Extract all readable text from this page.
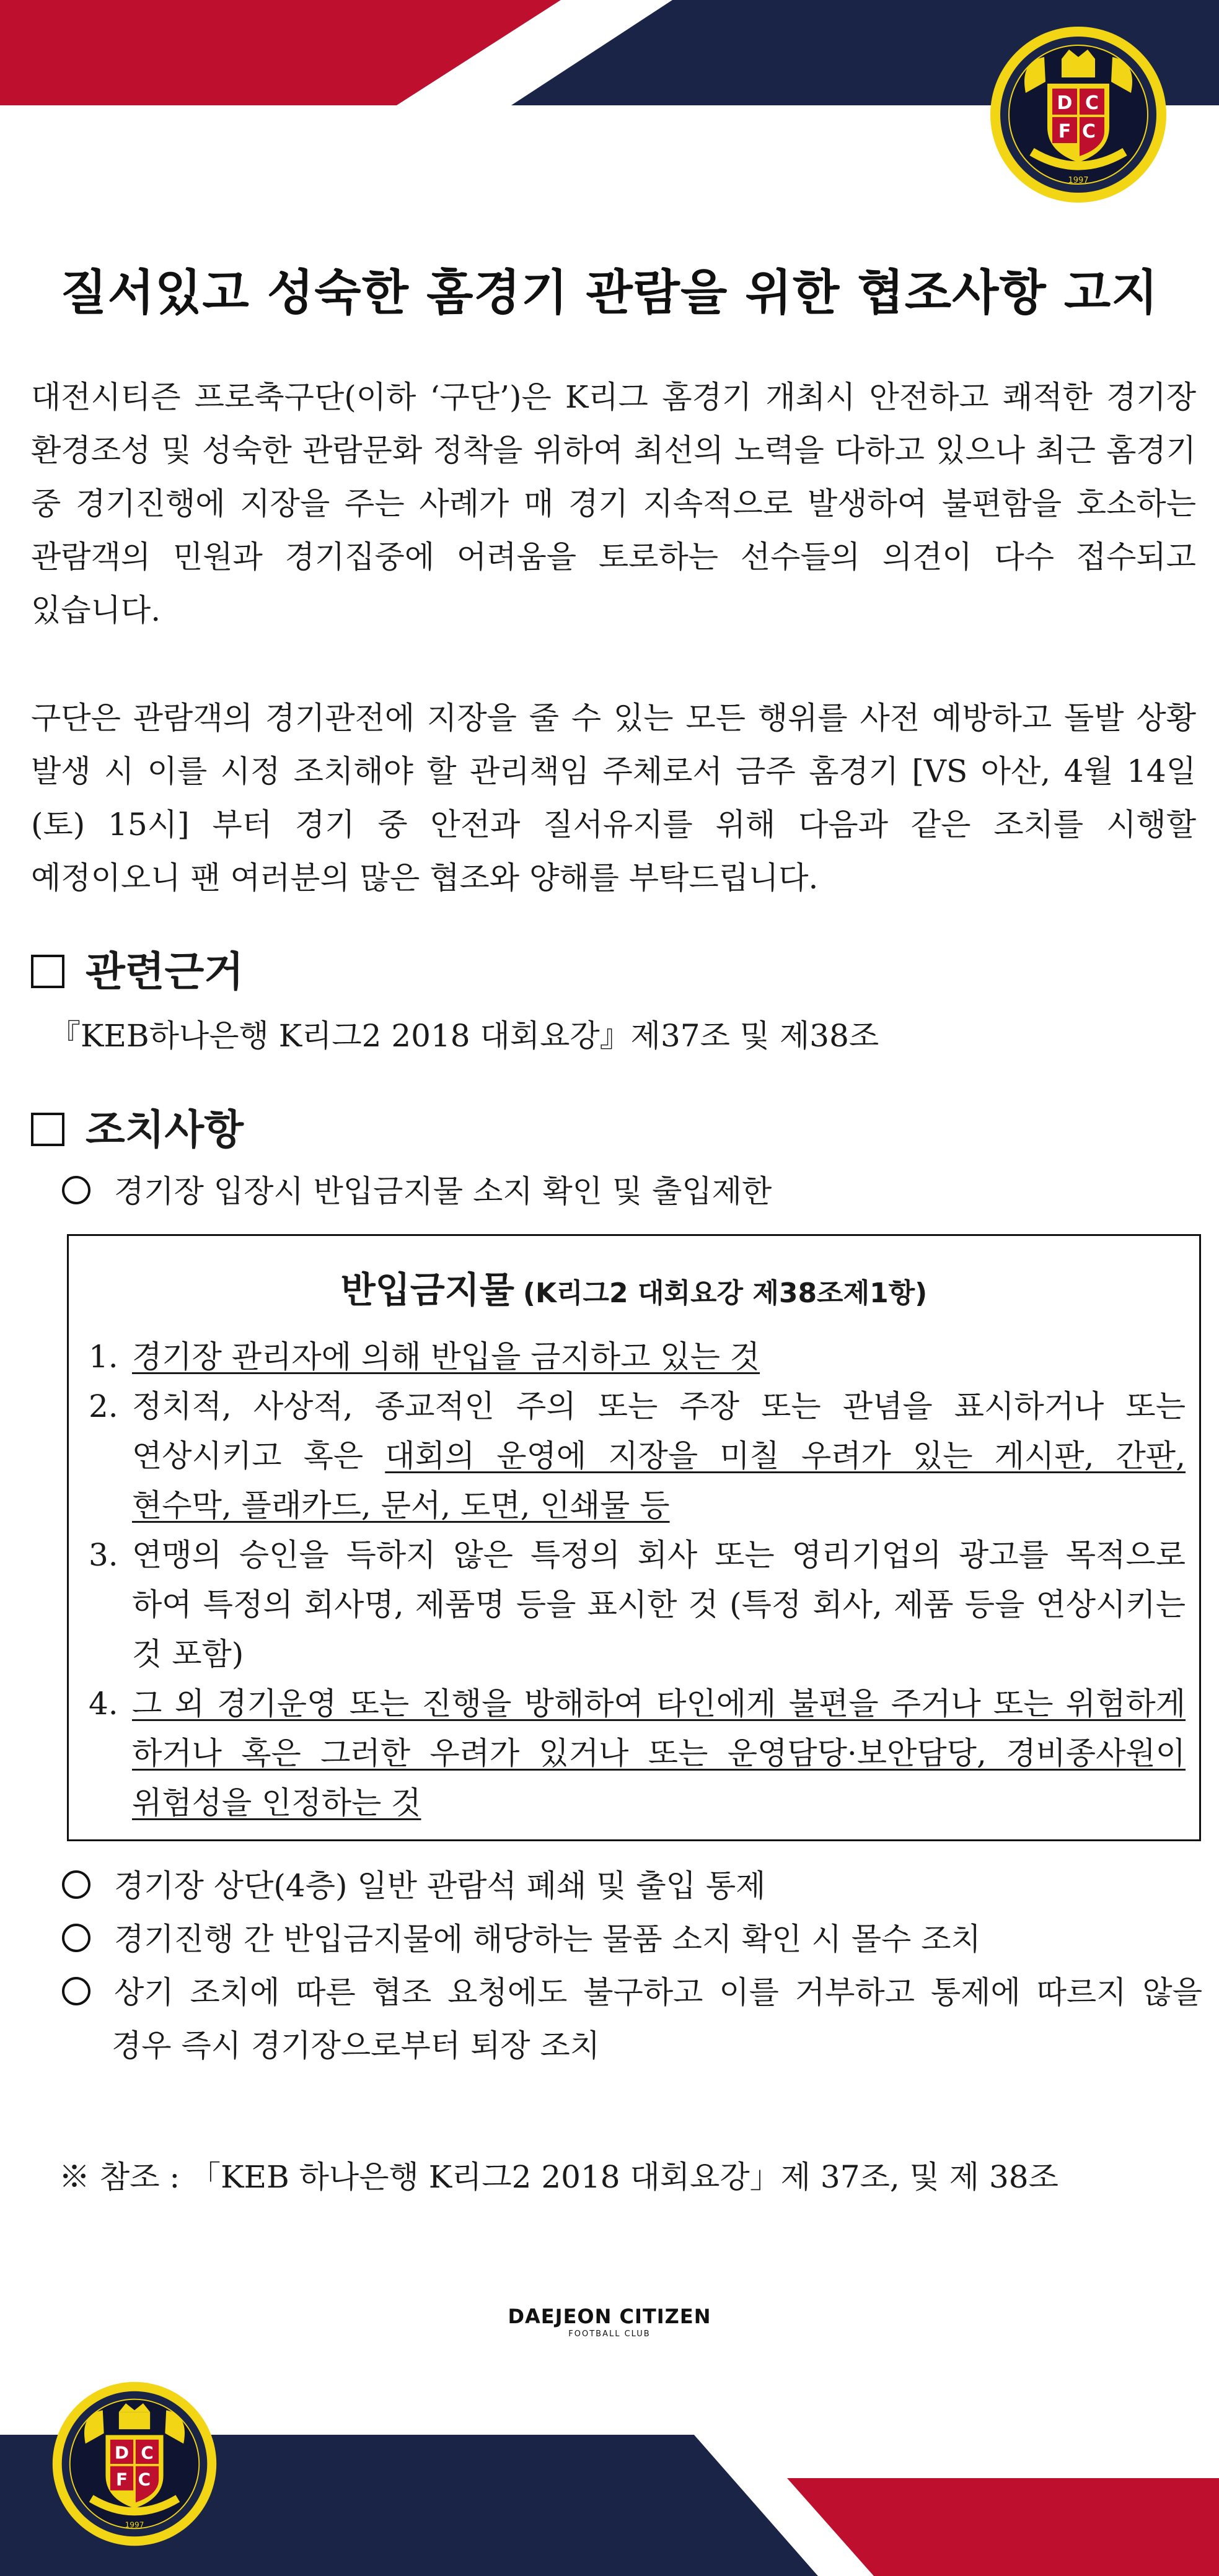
D C
F C
1997
질서있고 성숙한 홈경기 관람을 위한 협조사항 고지
대전시티즌 프로축구단(이하 ‘구단’)은 K리그 홈경기 개최시 안전하고 쾌적한 경기장 환경조성 및 성숙한 관람문화 정착을 위하여 최선의 노력을 다하고 있으나 최근 홈경기 중 경기진행에 지장을 주는 사례가 매 경기 지속적으로 발생하여 불편함을 호소하는 관람객의 민원과 경기집중에 어려움을 토로하는 선수들의 의견이 다수 접수되고 있습니다.
구단은 관람객의 경기관전에 지장을 줄 수 있는 모든 행위를 사전 예방하고 돌발 상황 발생 시 이를 시정 조치해야 할 관리책임 주체로서 금주 홈경기 [VS 아산, 4월 14일(토) 15시] 부터 경기 중 안전과 질서유지를 위해 다음과 같은 조치를 시행할 예정이오니 팬 여러분의 많은 협조와 양해를 부탁드립니다.
관련근거
『KEB하나은행 K리그2 2018 대회요강』제37조 및 제38조
조치사항
경기장 입장시 반입금지물 소지 확인 및 출입제한
반입금지물 (K리그2 대회요강 제38조제1항)
1. 경기장 관리자에 의해 반입을 금지하고 있는 것
2. 정치적, 사상적, 종교적인 주의 또는 주장 또는 관념을 표시하거나 또는 연상시키고 혹은 대회의 운영에 지장을 미칠 우려가 있는 게시판, 간판, 현수막, 플래카드, 문서, 도면, 인쇄물 등
3. 연맹의 승인을 득하지 않은 특정의 회사 또는 영리기업의 광고를 목적으로 하여 특정의 회사명, 제품명 등을 표시한 것 (특정 회사, 제품 등을 연상시키는 것 포함)
4. 그 외 경기운영 또는 진행을 방해하여 타인에게 불편을 주거나 또는 위험하게 하거나 혹은 그러한 우려가 있거나 또는 운영담당·보안담당, 경비종사원이 위험성을 인정하는 것
경기장 상단(4층) 일반 관람석 폐쇄 및 출입 통제
경기진행 간 반입금지물에 해당하는 물품 소지 확인 시 몰수 조치
상기 조치에 따른 협조 요청에도 불구하고 이를 거부하고 통제에 따르지 않을 경우 즉시 경기장으로부터 퇴장 조치
※ 참조 : 「KEB 하나은행 K리그2 2018 대회요강」제 37조, 및 제 38조
DAEJEON CITIZEN
FOOTBALL CLUB
D C
F C
1997
